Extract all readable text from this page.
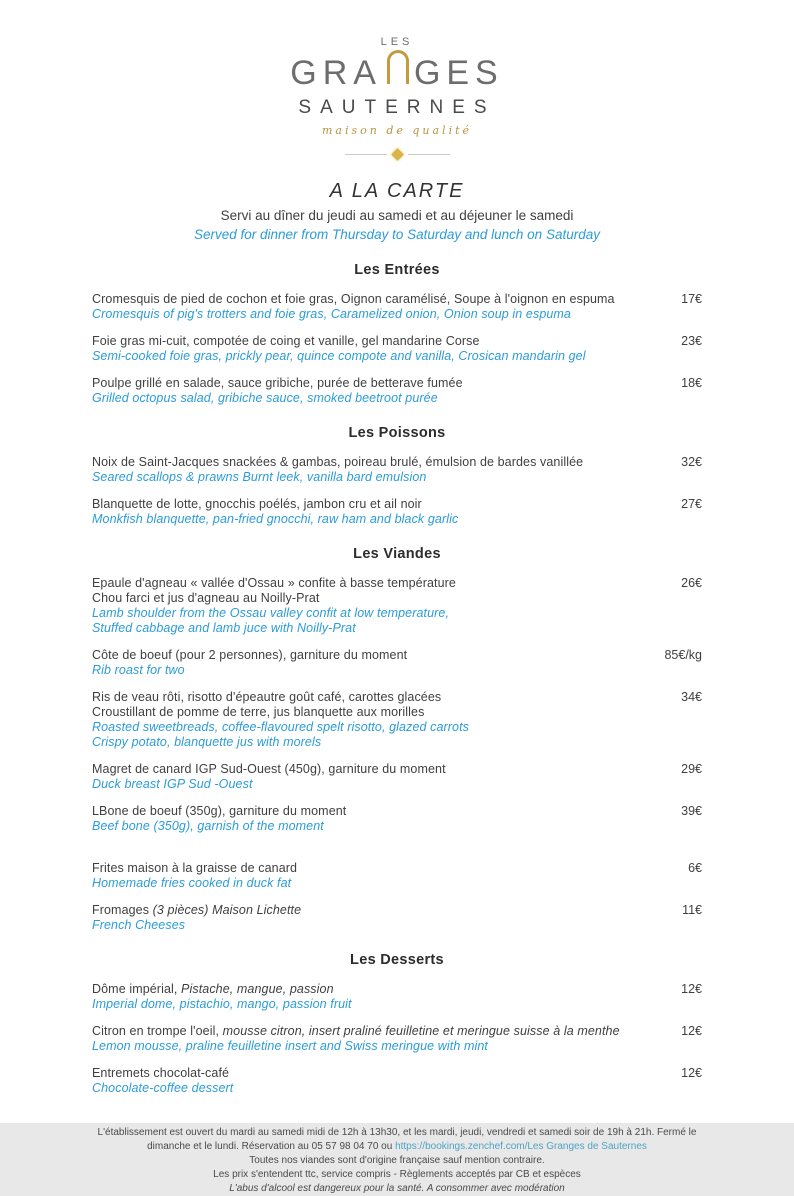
LES
GRA GES
SAUTERNES
maison de qualité
A LA CARTE
Servi au dîner du jeudi au samedi et au déjeuner le samedi
Served for dinner from Thursday to Saturday and lunch on Saturday
Les Entrées
Cromesquis de pied de cochon et foie gras, Oignon caramélisé, Soupe à l'oignon en espuma
Cromesquis of pig's trotters and foie gras, Caramelized onion, Onion soup in espuma
17€
Foie gras mi-cuit, compotée de coing et vanille, gel mandarine Corse
Semi-cooked foie gras, prickly pear, quince compote and vanilla, Crosican mandarin gel
23€
Poulpe grillé en salade, sauce gribiche, purée de betterave fumée
Grilled octopus salad, gribiche sauce, smoked beetroot purée
18€
Les Poissons
Noix de Saint-Jacques snackées & gambas, poireau brulé, émulsion de bardes vanillée
Seared scallops & prawns Burnt leek, vanilla bard emulsion
32€
Blanquette de lotte, gnocchis poélés, jambon cru et ail noir
Monkfish blanquette, pan-fried gnocchi, raw ham and black garlic
27€
Les Viandes
Epaule d'agneau « vallée d'Ossau » confite à basse température
Chou farci et jus d'agneau au Noilly-Prat
Lamb shoulder from the Ossau valley confit at low temperature,
Stuffed cabbage and lamb juce with Noilly-Prat
26€
Côte de boeuf (pour 2 personnes), garniture du moment
Rib roast for two
85€/kg
Ris de veau rôti, risotto d'épeautre goût café, carottes glacées
Croustillant de pomme de terre, jus blanquette aux morilles
Roasted sweetbreads, coffee-flavoured spelt risotto, glazed carrots
Crispy potato, blanquette jus with morels
34€
Magret de canard IGP Sud-Ouest (450g), garniture du moment
Duck breast IGP Sud -Ouest
29€
LBone de boeuf (350g), garniture du moment
Beef bone (350g), garnish of the moment
39€
Frites maison à la graisse de canard
Homemade fries cooked in duck fat
6€
Fromages (3 pièces) Maison Lichette
French Cheeses
11€
Les Desserts
Dôme impérial, Pistache, mangue, passion
Imperial dome, pistachio, mango, passion fruit
12€
Citron en trompe l'oeil, mousse citron, insert praliné feuilletine et meringue suisse à la menthe
Lemon mousse, praline feuilletine insert and Swiss meringue with mint
12€
Entremets chocolat-café
Chocolate-coffee dessert
12€
L'établissement est ouvert du mardi au samedi midi de 12h à 13h30, et les mardi, jeudi, vendredi et samedi soir de 19h à 21h. Fermé le dimanche et le lundi. Réservation au 05 57 98 04 70 ou https://bookings.zenchef.com/Les Granges de Sauternes
Toutes nos viandes sont d'origine française sauf mention contraire.
Les prix s'entendent ttc, service compris - Règlements acceptés par CB et espèces
L'abus d'alcool est dangereux pour la santé. A consommer avec modération
